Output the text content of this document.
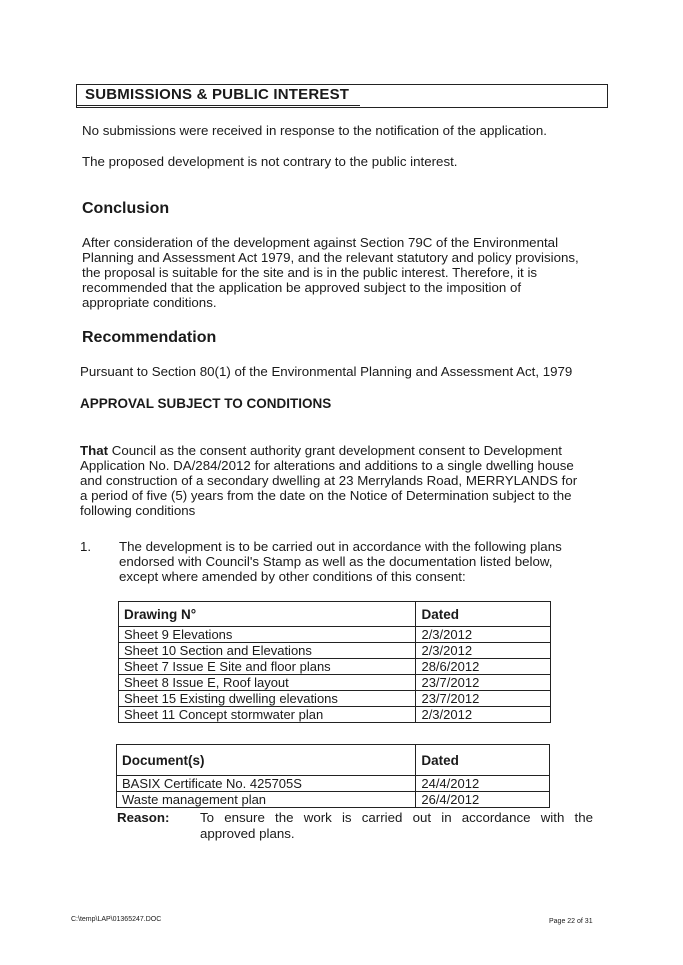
SUBMISSIONS & PUBLIC INTEREST
No submissions were received in response to the notification of the application.
The proposed development is not contrary to the public interest.
Conclusion
After consideration of the development against Section 79C of the Environmental
Planning and Assessment Act 1979, and the relevant statutory and policy provisions,
the proposal is suitable for the site and is in the public interest. Therefore, it is
recommended that the application be approved subject to the imposition of
appropriate conditions.
Recommendation
Pursuant to Section 80(1) of the Environmental Planning and Assessment Act, 1979
APPROVAL SUBJECT TO CONDITIONS
That Council as the consent authority grant development consent to Development
Application No. DA/284/2012 for alterations and additions to a single dwelling house
and construction of a secondary dwelling at 23 Merrylands Road, MERRYLANDS for
a period of five (5) years from the date on the Notice of Determination subject to the
following conditions
1. The development is to be carried out in accordance with the following plans
endorsed with Council's Stamp as well as the documentation listed below,
except where amended by other conditions of this consent:
Drawing N°	Dated
Sheet 9 Elevations	2/3/2012
Sheet 10 Section and Elevations	2/3/2012
Sheet 7 Issue E Site and floor plans	28/6/2012
Sheet 8 Issue E, Roof layout	23/7/2012
Sheet 15 Existing dwelling elevations	23/7/2012
Sheet 11 Concept stormwater plan	2/3/2012
Document(s)	Dated
BASIX Certificate No. 425705S	24/4/2012
Waste management plan	26/4/2012
Reason: To ensure the work is carried out in accordance with the
approved plans.
C:\temp\LAP\01365247.DOC	Page 22 of 31
